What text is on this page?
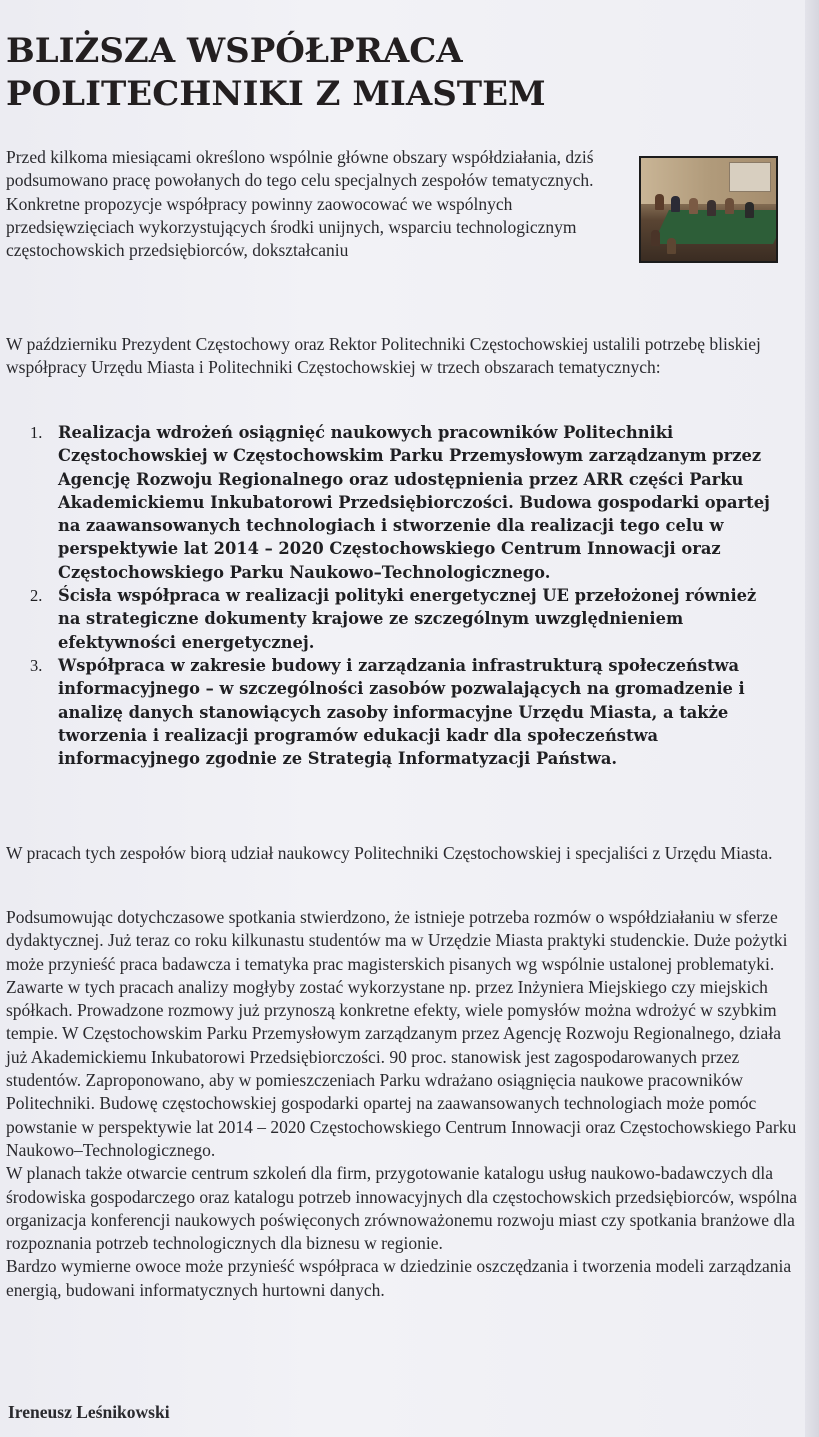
BLIŻSZA WSPÓŁPRACA
POLITECHNIKI Z MIASTEM

Przed kilkoma miesiącami określono wspólnie główne obszary współdziałania, dziś podsumowano pracę powołanych do tego celu specjalnych zespołów tematycznych.

Konkretne propozycje współpracy powinny zaowocować we wspólnych przedsięwzięciach wykorzystujących środki unijnych, wsparciu technologicznym częstochowskich przedsiębiorców, dokształcaniu

W październiku Prezydent Częstochowy oraz Rektor Politechniki Częstochowskiej ustalili potrzebę bliskiej współpracy Urzędu Miasta i Politechniki Częstochowskiej w trzech obszarach tematycznych:

1. Realizacja wdrożeń osiągnięć naukowych pracowników Politechniki Częstochowskiej w Częstochowskim Parku Przemysłowym zarządzanym przez Agencję Rozwoju Regionalnego oraz udostępnienia przez ARR części Parku Akademickiemu Inkubatorowi Przedsiębiorczości. Budowa gospodarki opartej na zaawansowanych technologiach i stworzenie dla realizacji tego celu w perspektywie lat 2014 – 2020 Częstochowskiego Centrum Innowacji oraz Częstochowskiego Parku Naukowo–Technologicznego.
2. Ścisła współpraca w realizacji polityki energetycznej UE przełożonej również na strategiczne dokumenty krajowe ze szczególnym uwzględnieniem efektywności energetycznej.
3. Współpraca w zakresie budowy i zarządzania infrastrukturą społeczeństwa informacyjnego – w szczególności zasobów pozwalających na gromadzenie i analizę danych stanowiących zasoby informacyjne Urzędu Miasta, a także tworzenia i realizacji programów edukacji kadr dla społeczeństwa informacyjnego zgodnie ze Strategią Informatyzacji Państwa.

W pracach tych zespołów biorą udział naukowcy Politechniki Częstochowskiej i specjaliści z Urzędu Miasta.

Podsumowując dotychczasowe spotkania stwierdzono, że istnieje potrzeba rozmów o współdziałaniu w sferze dydaktycznej. Już teraz co roku kilkunastu studentów ma w Urzędzie Miasta praktyki studenckie. Duże pożytki może przynieść praca badawcza i tematyka prac magisterskich pisanych wg wspólnie ustalonej problematyki. Zawarte w tych pracach analizy mogłyby zostać wykorzystane np. przez Inżyniera Miejskiego czy miejskich spółkach. Prowadzone rozmowy już przynoszą konkretne efekty, wiele pomysłów można wdrożyć w szybkim tempie. W Częstochowskim Parku Przemysłowym zarządzanym przez Agencję Rozwoju Regionalnego, działa już Akademickiemu Inkubatorowi Przedsiębiorczości. 90 proc. stanowisk jest zagospodarowanych przez studentów. Zaproponowano, aby w pomieszczeniach Parku wdrażano osiągnięcia naukowe pracowników Politechniki. Budowę częstochowskiej gospodarki opartej na zaawansowanych technologiach może pomóc powstanie w perspektywie lat 2014 – 2020 Częstochowskiego Centrum Innowacji oraz Częstochowskiego Parku Naukowo–Technologicznego.

W planach także otwarcie centrum szkoleń dla firm, przygotowanie katalogu usług naukowo-badawczych dla środowiska gospodarczego oraz katalogu potrzeb innowacyjnych dla częstochowskich przedsiębiorców, wspólna organizacja konferencji naukowych poświęconych zrównoważonemu rozwoju miast czy spotkania branżowe dla rozpoznania potrzeb technologicznych dla biznesu w regionie.

Bardzo wymierne owoce może przynieść współpraca w dziedzinie oszczędzania i tworzenia modeli zarządzania energią, budowani informatycznych hurtowni danych.

Ireneusz Leśnikowski
